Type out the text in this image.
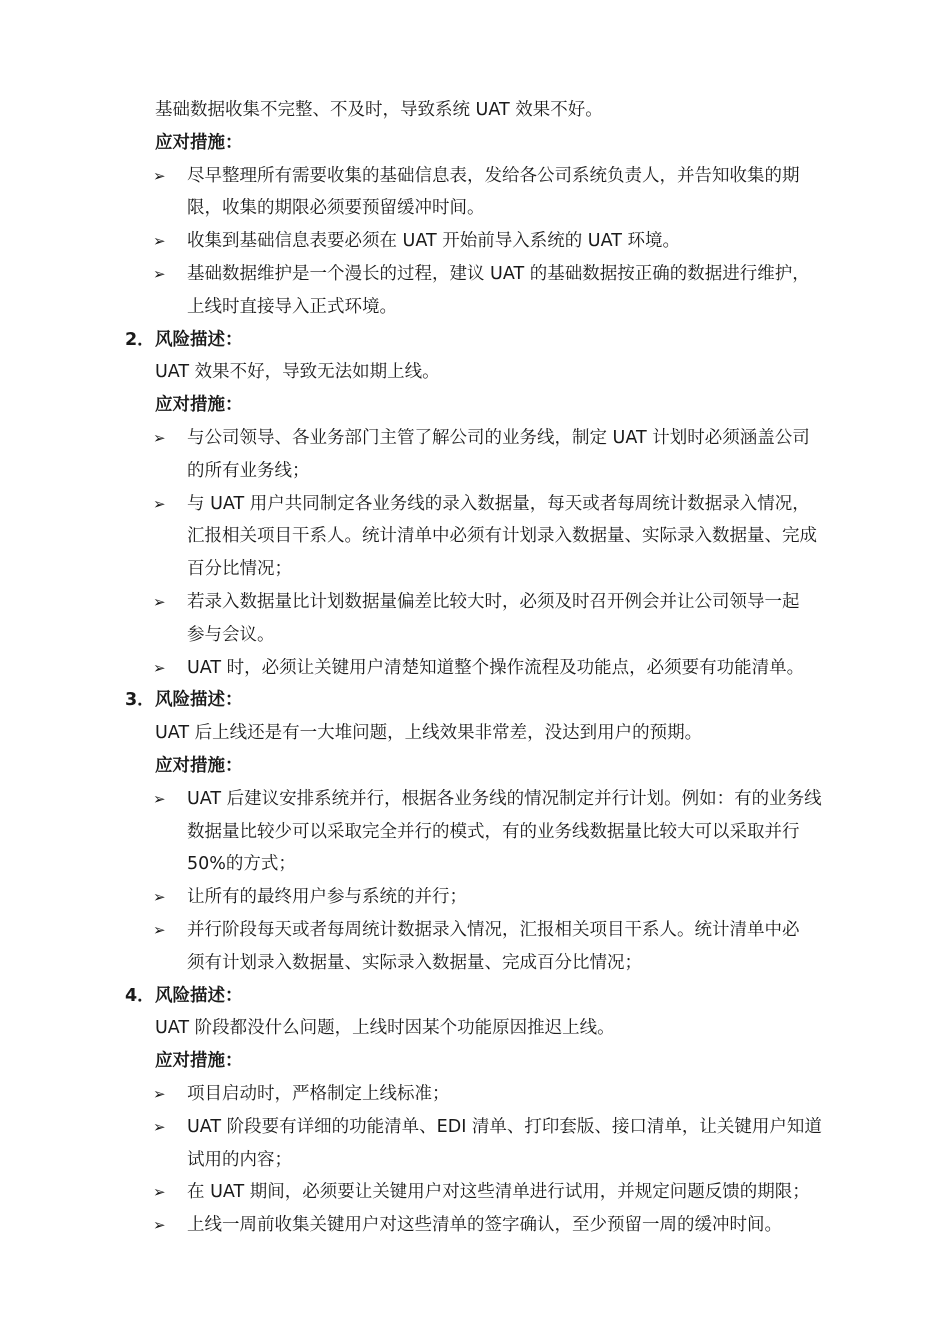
基础数据收集不完整、不及时，导致系统 UAT 效果不好。
应对措施：
➢	尽早整理所有需要收集的基础信息表，发给各公司系统负责人，并告知收集的期
限，收集的期限必须要预留缓冲时间。
➢	收集到基础信息表要必须在 UAT 开始前导入系统的 UAT 环境。
➢	基础数据维护是一个漫长的过程，建议 UAT 的基础数据按正确的数据进行维护，
上线时直接导入正式环境。
2．风险描述：
UAT 效果不好，导致无法如期上线。
应对措施：
➢	与公司领导、各业务部门主管了解公司的业务线，制定 UAT 计划时必须涵盖公司
的所有业务线；
➢	与 UAT 用户共同制定各业务线的录入数据量，每天或者每周统计数据录入情况，
汇报相关项目干系人。统计清单中必须有计划录入数据量、实际录入数据量、完成
百分比情况；
➢	若录入数据量比计划数据量偏差比较大时，必须及时召开例会并让公司领导一起
参与会议。
➢	UAT 时，必须让关键用户清楚知道整个操作流程及功能点，必须要有功能清单。
3．风险描述：
UAT 后上线还是有一大堆问题，上线效果非常差，没达到用户的预期。
应对措施：
➢	UAT 后建议安排系统并行，根据各业务线的情况制定并行计划。例如：有的业务线
数据量比较少可以采取完全并行的模式，有的业务线数据量比较大可以采取并行
50%的方式；
➢	让所有的最终用户参与系统的并行；
➢	并行阶段每天或者每周统计数据录入情况，汇报相关项目干系人。统计清单中必
须有计划录入数据量、实际录入数据量、完成百分比情况；
4．风险描述：
UAT 阶段都没什么问题，上线时因某个功能原因推迟上线。
应对措施：
➢	项目启动时，严格制定上线标准；
➢	UAT 阶段要有详细的功能清单、EDI 清单、打印套版、接口清单，让关键用户知道
试用的内容；
➢	在 UAT 期间，必须要让关键用户对这些清单进行试用，并规定问题反馈的期限；
➢	上线一周前收集关键用户对这些清单的签字确认，至少预留一周的缓冲时间。
